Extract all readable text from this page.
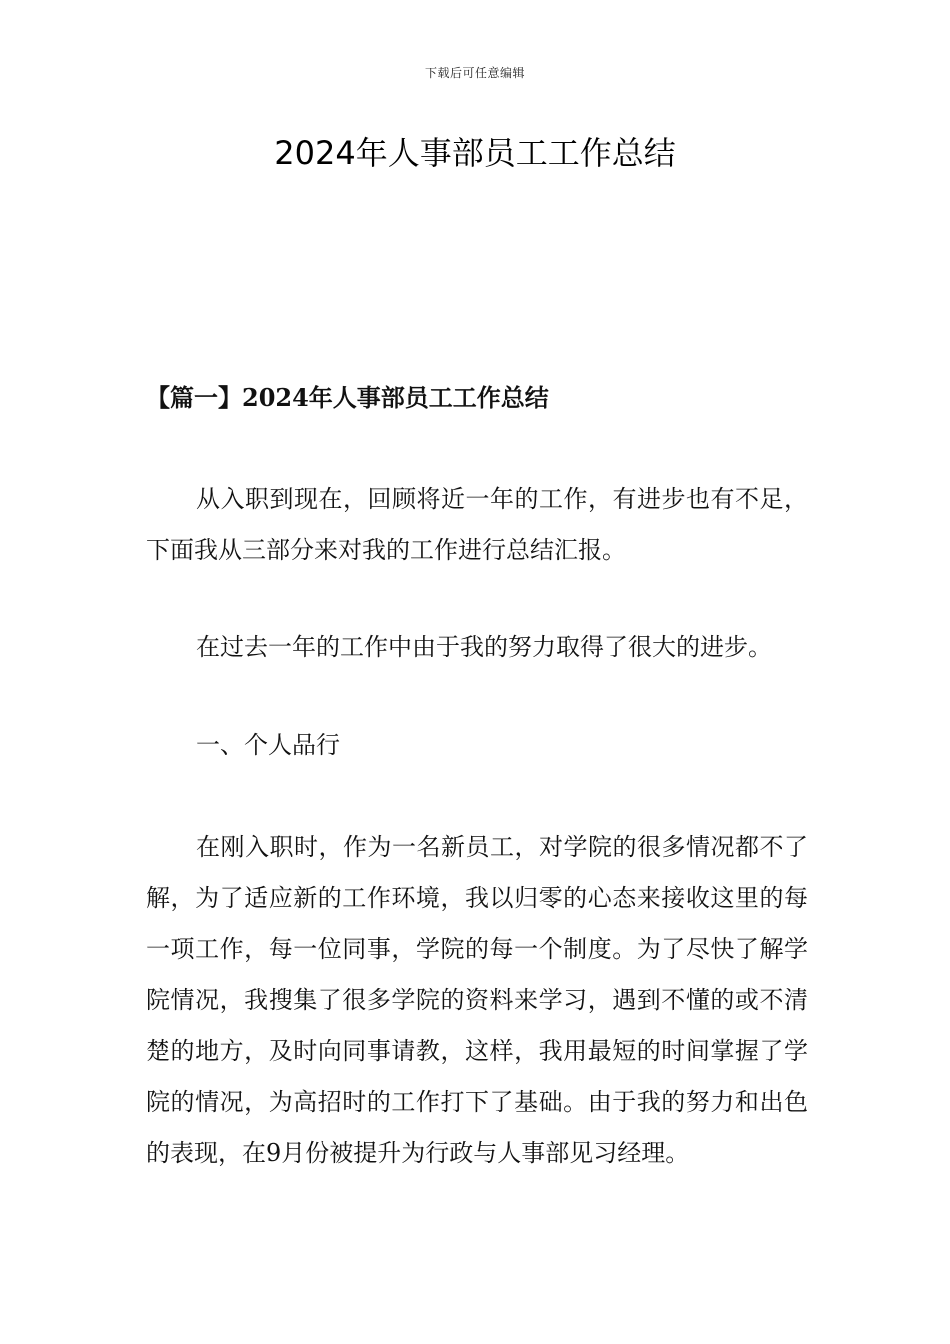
下载后可任意编辑
2024年人事部员工工作总结
【篇一】2024年人事部员工工作总结

从入职到现在，回顾将近一年的工作，有进步也有不足，下面我从三部分来对我的工作进行总结汇报。

在过去一年的工作中由于我的努力取得了很大的进步。

一、个人品行

在刚入职时，作为一名新员工，对学院的很多情况都不了解，为了适应新的工作环境，我以归零的心态来接收这里的每一项工作，每一位同事，学院的每一个制度。为了尽快了解学院情况，我搜集了很多学院的资料来学习，遇到不懂的或不清楚的地方，及时向同事请教，这样，我用最短的时间掌握了学院的情况，为高招时的工作打下了基础。由于我的努力和出色的表现，在9月份被提升为行政与人事部见习经理。
